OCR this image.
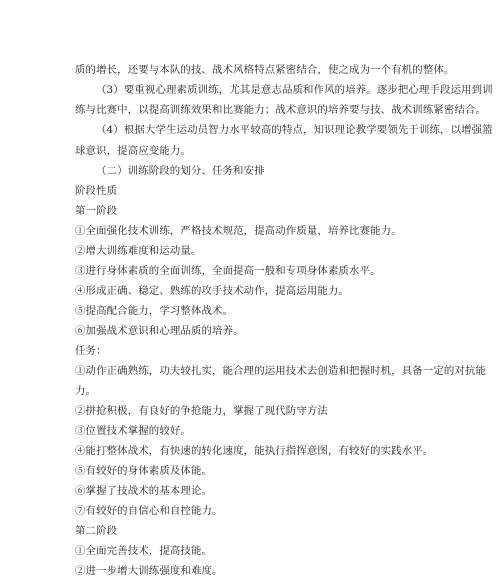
质的增长，还要与本队的技、战术风格特点紧密结合，使之成为一个有机的整体。
（3）要重视心理素质训练，尤其是意志品质和作风的培养。逐步把心理手段运用到训
练与比赛中，以提高训练效果和比赛能力；战术意识的培养要与技、战术训练紧密结合。
（4）根据大学生运动员智力水平较高的特点，知识理论教学要领先于训练，以增强篮
球意识，提高应变能力。
（二）训练阶段的划分、任务和安排
阶段性质
第一阶段
①全面强化技术训练，严格技术规范，提高动作质量，培养比赛能力。
②增大训练难度和运动量。
③进行身体素质的全面训练，全面提高一般和专项身体素质水平。
④形成正确、稳定、熟练的攻手技术动作，提高运用能力。
⑤提高配合能力，学习整体战术。
⑥加强战术意识和心理品质的培养。
任务：
①动作正确熟练，功夫较扎实，能合理的运用技术去创造和把握时机，具备一定的对抗能
力。
②拼抢积极，有良好的争抢能力，掌握了现代防守方法
③位置技术掌握的较好。
④能打整体战术，有快速的转化速度，能执行指挥意图，有较好的实践水平。
⑤有较好的身体素质及体能。
⑥掌握了技战术的基本理论。
⑦有较好的自信心和自控能力。
第二阶段
①全面完善技术，提高技能。
②进一步增大训练强度和难度。
